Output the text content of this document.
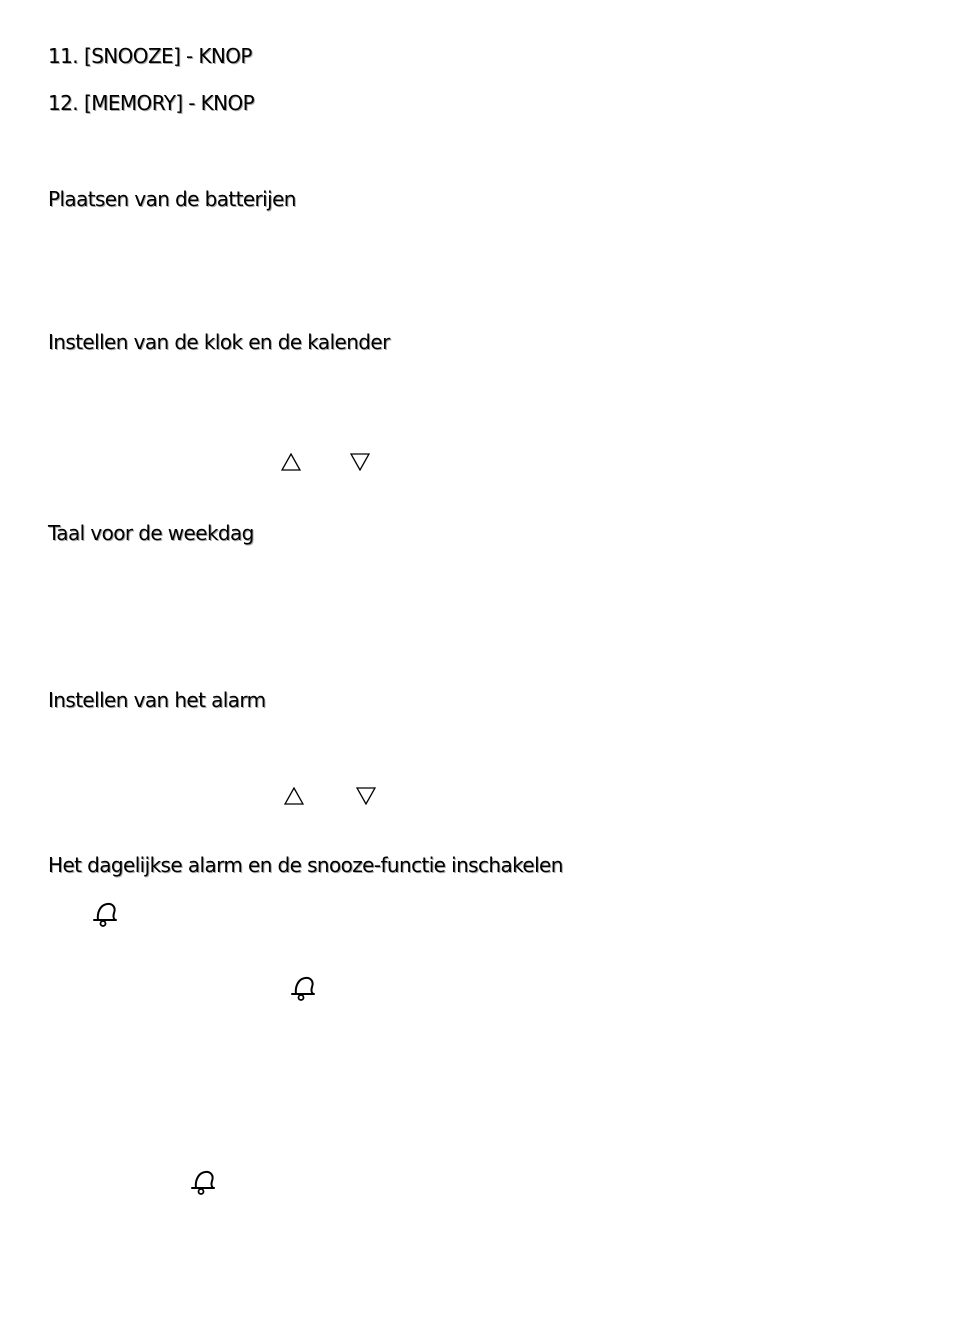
11. [SNOOZE] - KNOP
12. [MEMORY] - KNOP
Plaatsen van de batterijen
Instellen van de klok en de kalender
Taal voor de weekdag
Instellen van het alarm
Het dagelijkse alarm en de snooze-functie inschakelen
